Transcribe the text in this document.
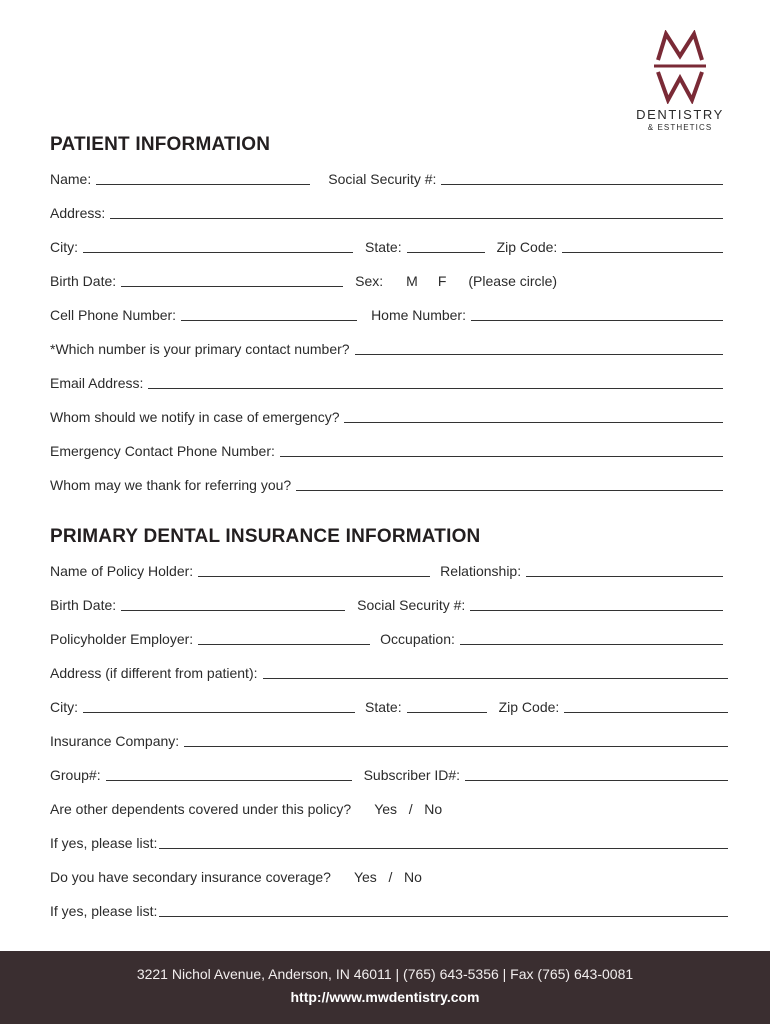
DENTISTRY
& ESTHETICS
PATIENT INFORMATION
Name:	Social Security #:
Address:
City:	State:	Zip Code:
Birth Date:	Sex: M F (Please circle)
Cell Phone Number:	Home Number:
*Which number is your primary contact number?
Email Address:
Whom should we notify in case of emergency?
Emergency Contact Phone Number:
Whom may we thank for referring you?
PRIMARY DENTAL INSURANCE INFORMATION
Name of Policy Holder:	Relationship:
Birth Date:	Social Security #:
Policyholder Employer:	Occupation:
Address (if different from patient):
City:	State:	Zip Code:
Insurance Company:
Group#:	Subscriber ID#:
Are other dependents covered under this policy? Yes   /   No
If yes, please list:
Do you have secondary insurance coverage? Yes   /   No
If yes, please list:
3221 Nichol Avenue, Anderson, IN 46011 | (765) 643-5356 | Fax (765) 643-0081
http://www.mwdentistry.com
